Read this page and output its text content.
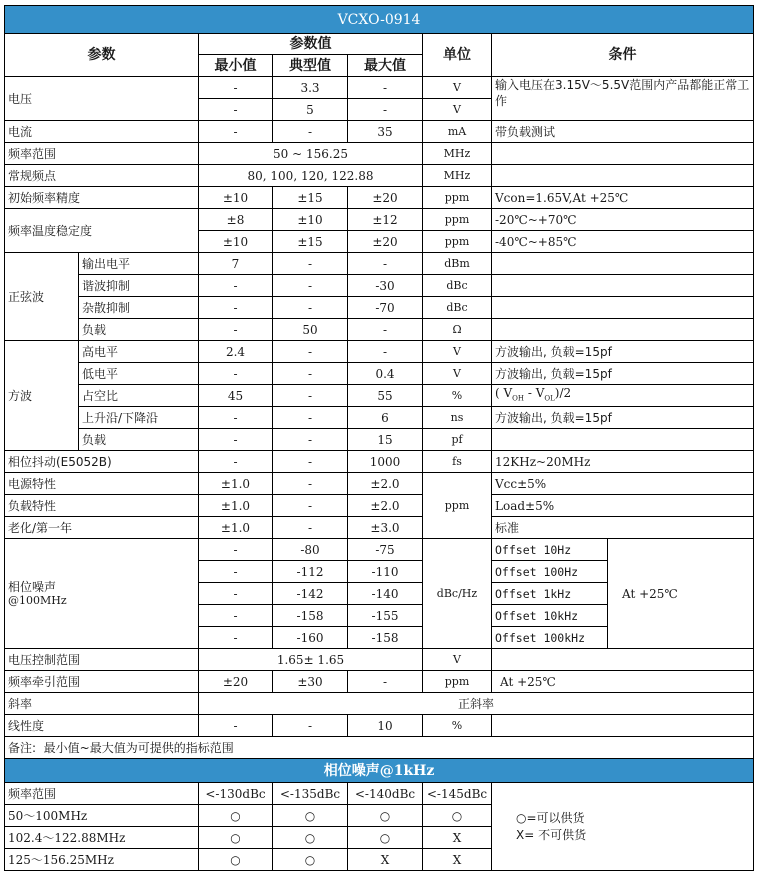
VCXO-0914							
参数		参数值			单位	条件	
		最小值	典型值	最大值			
电压		-	3.3	-	V	输入电压在3.15V～5.5V范围内产品都能正常工作	
		-	5	-	V		
电流		-	-	35	mA	带负载测试	
频率范围		50 ~ 156.25			MHz		
常规频点		80, 100, 120, 122.88			MHz		
初始频率精度		±10	±15	±20	ppm	Vcon=1.65V,At +25℃	
频率温度稳定度		±8	±10	±12	ppm	-20℃~+70℃	
		±10	±15	±20	ppm	-40℃~+85℃	
正弦波	输出电平	7	-	-	dBm		
	谐波抑制	-	-	-30	dBc		
	杂散抑制	-	-	-70	dBc		
	负载	-	50	-	Ω		
方波	高电平	2.4	-	-	V	方波输出, 负载=15pf	
	低电平	-	-	0.4	V	方波输出, 负载=15pf	
	占空比	45	-	55	%	( $V_{OH} - V_{OL})/2$	
	上升沿/下降沿	-	-	6	ns	方波输出, 负载=15pf	
	负载	-	-	15	pf		
相位抖动(E5052B)		-	-	1000	fs	12KHz~20MHz	
电源特性		±1.0	-	±2.0	ppm	Vcc±5%	
负载特性		±1.0	-	±2.0		Load±5%	
老化/第一年		±1.0	-	±3.0		标准	

相位噪声
@100MHz		-	-80	-75	dBc/Hz	Offset 10Hz	At +25℃
		-	-112	-110		Offset 100Hz	
		-	-142	-140		Offset 1kHz	
		-	-158	-155		Offset 10kHz	
		-	-160	-158		Offset 100kHz	
电压控制范围		1.65± 1.65			V		
频率牵引范围		±20	±30	-	ppm	At +25℃	
斜率		正斜率					
线性度		-	-	10	%		
备注:  最小值~最大值为可提供的指标范围							
相位噪声@1kHz							
频率范围		<-130dBc	<-135dBc	<-140dBc	<-145dBc	○=可以供货
X= 不可供货	

50～100MHz		○	○	○	○		
102.4～122.88MHz		○	○	○	X		
125～156.25MHz		○	○	X	X		
